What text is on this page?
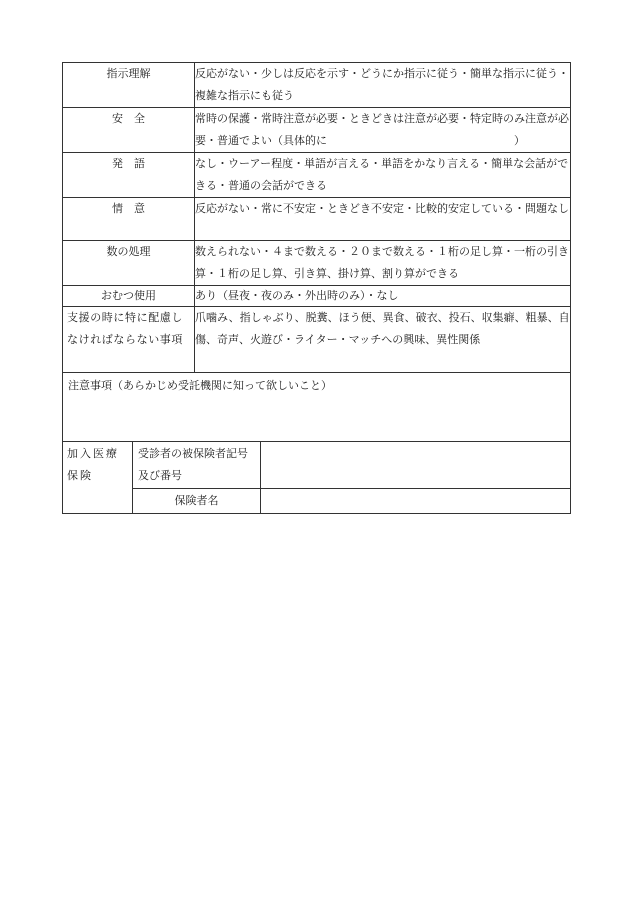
指示理解	反応がない・少しは反応を示す・どうにか指示に従う・簡単な指示に従う・複雑な指示にも従う
安　全	常時の保護・常時注意が必要・ときどきは注意が必要・特定時のみ注意が必要・普通でよい（具体的に　　　　　　　　　　　　　　　　　）
発　語	なし・ウーアー程度・単語が言える・単語をかなり言える・簡単な会話ができる・普通の会話ができる
情　意	反応がない・常に不安定・ときどき不安定・比較的安定している・問題なし
数の処理	数えられない・４まで数える・２０まで数える・１桁の足し算・一桁の引き算・１桁の足し算、引き算、掛け算、割り算ができる
おむつ使用	あり（昼夜・夜のみ・外出時のみ）・なし
支援の時に特に配慮しなければならない事項	爪噛み、指しゃぶり、脱糞、ほう便、異食、破衣、投石、収集癖、粗暴、自傷、奇声、火遊び・ライター・マッチへの興味、異性関係

注意事項（あらかじめ受託機関に知って欲しいこと）	
加入医療保険	受診者の被保険者記号及び番号	
	保険者名	
